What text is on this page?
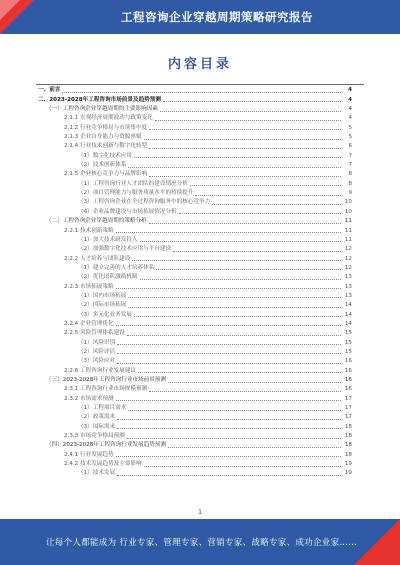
工程咨询企业穿越周期策略研究报告
内容目录
一、前言	4
二、2023-2028年工程咨询市场前景及趋势预测	4
（一）工程咨询企业穿越周期的主要影响因素	4
2.1.1 宏观经济周期波动与政策变化	4
2.1.2 行业竞争格局与市场集中度	5
2.1.3 企业自身能力与资源禀赋	5
2.1.4 行业技术创新与数字化转型	6
（1）数字化技术应用	7
（2）技术创新体系	7
2.1.5 企业核心竞争力与品牌影响	8
（1）工程咨询行业人才团队的建设情况分析	8
（2）项目管理能力与服务质量水平的持续提升	9
（3）工程咨询企业在全过程咨询服务中的核心竞争力	10
（4）企业品牌建设与市场拓展情况分析	10
（二）工程咨询企业穿越周期的策略分析	11
2.2.1 技术创新策略	11
（1）加大技术研发投入	11
（2）加强数字化技术应用与平台建设	12
2.2.2 人才培养与团队建设	12
（1）建立完善的人才培养体系	12
（2）优化团队激励机制	13
2.2.3 市场拓展策略	13
（1）国内市场拓展	13
（2）国际市场拓展	14
（3）多元化业务发展	14
2.2.4 企业管理优化	14
2.2.5 风险管理体系建设	15
（1）风险识别	15
（2）风险评估	15
（3）风险应对	16
2.2.6 工程咨询行业发展建议	16
（三）2023-2028年工程咨询行业市场前景预测	16
2.3.1 工程咨询行业市场规模预测	16
2.3.2 市场需求预测	17
（1）工程项目需求	17
（2）政策需求	17
（3）国际需求	18
2.3.3 市场竞争格局预测	18
（四）2023-2028年工程咨询行业发展趋势预测	18
2.4.1 行业发展趋势	18
2.4.2 技术发展趋势及主要影响	19
（1）技术发展	19
1
让每个人都能成为 行业专家、管理专家、营销专家、战略专家、成功企业家……
